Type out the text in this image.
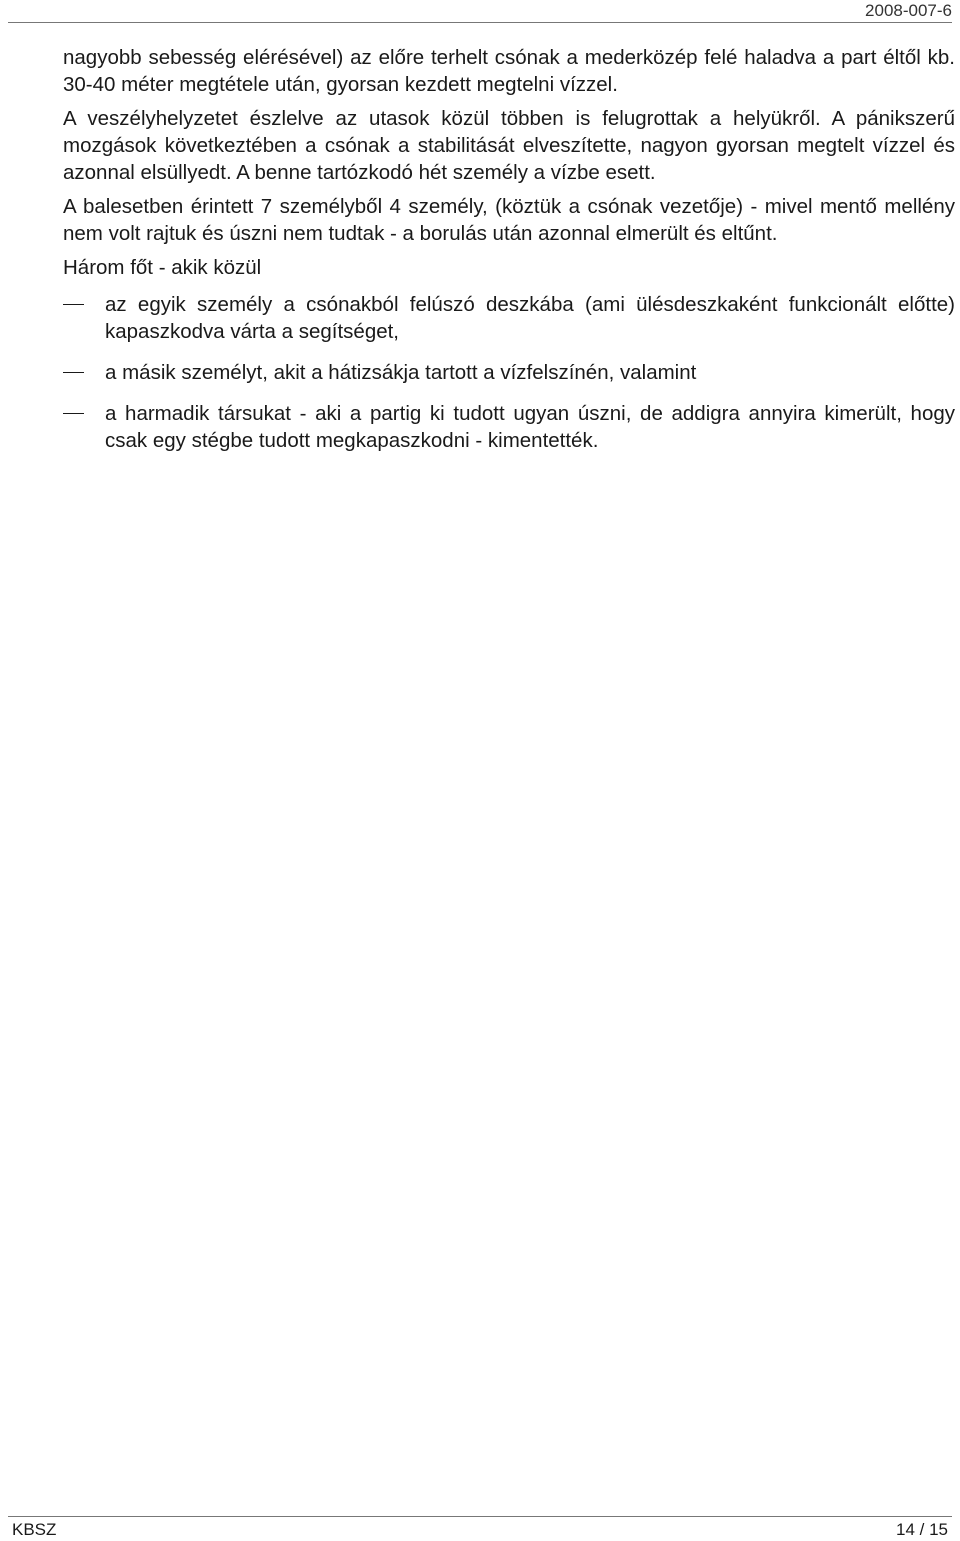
2008-007-6

nagyobb sebesség elérésével) az előre terhelt csónak a mederközép felé haladva a part éltől kb. 30-40 méter megtétele után, gyorsan kezdett megtelni vízzel.

A veszélyhelyzetet észlelve az utasok közül többen is felugrottak a helyükről. A pánikszerű mozgások következtében a csónak a stabilitását elveszítette, nagyon gyorsan megtelt vízzel és azonnal elsüllyedt. A benne tartózkodó hét személy a vízbe esett.

A balesetben érintett 7 személyből 4 személy, (köztük a csónak vezetője) - mivel mentő mellény nem volt rajtuk és úszni nem tudtak - a borulás után azonnal elmerült és eltűnt.

Három főt - akik közül

az egyik személy a csónakból felúszó deszkába (ami ülésdeszkaként funkcionált előtte) kapaszkodva várta a segítséget,
a másik személyt, akit a hátizsákja tartott a vízfelszínén, valamint
a harmadik társukat - aki a partig ki tudott ugyan úszni, de addigra annyira kimerült, hogy csak egy stégbe tudott megkapaszkodni - kimentették.
KBSZ	14 / 15
